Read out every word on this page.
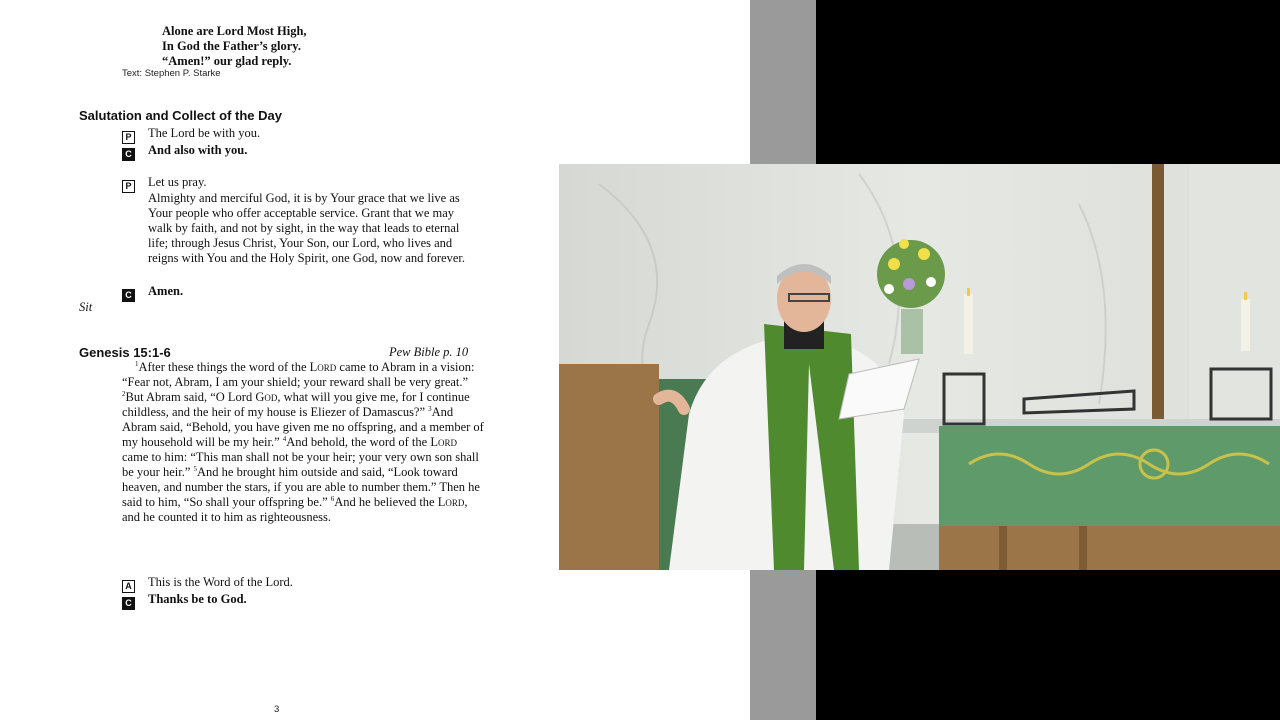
Alone are Lord Most High,
In God the Father’s glory.
“Amen!” our glad reply.
Text: Stephen P. Starke
Salutation and Collect of the Day
P The Lord be with you.
C And also with you.
P Let us pray.
Almighty and merciful God, it is by Your grace that we live as Your people who offer acceptable service. Grant that we may walk by faith, and not by sight, in the way that leads to eternal life; through Jesus Christ, Your Son, our Lord, who lives and reigns with You and the Holy Spirit, one God, now and forever.
C Amen.
Sit
Genesis 15:1-6	Pew Bible p. 10
$^1$After these things the word of the Lord came to Abram in a vision: “Fear not, Abram, I am your shield; your reward shall be very great.” $^2$But Abram said, “O Lord God, what will you give me, for I continue childless, and the heir of my house is Eliezer of Damascus?” $^3$And Abram said, “Behold, you have given me no offspring, and a member of my household will be my heir.” $^4$And behold, the word of the Lord came to him: “This man shall not be your heir; your very own son shall be your heir.” $^5$And he brought him outside and said, “Look toward heaven, and number the stars, if you are able to number them.” Then he said to him, “So shall your offspring be.” $^6$And he believed the Lord, and he counted it to him as righteousness.
A This is the Word of the Lord.
C Thanks be to God.
3
